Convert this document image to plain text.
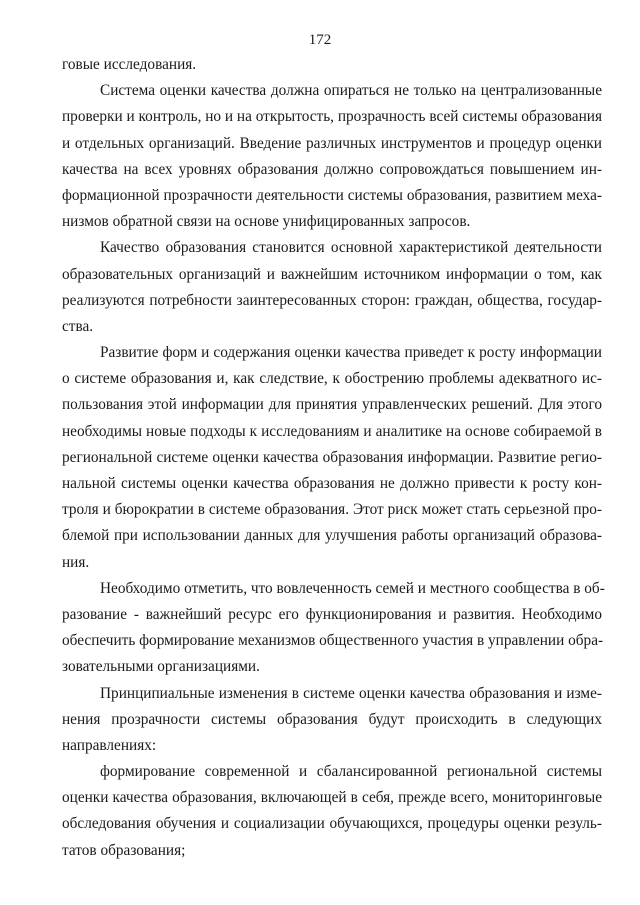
172
говые исследования.
Система оценки качества должна опираться не только на централизованные
проверки и контроль, но и на открытость, прозрачность всей системы образования
и отдельных организаций. Введение различных инструментов и процедур оценки
качества на всех уровнях образования должно сопровождаться повышением ин-
формационной прозрачности деятельности системы образования, развитием меха-
низмов обратной связи на основе унифицированных запросов.
Качество образования становится основной характеристикой деятельности
образовательных организаций и важнейшим источником информации о том, как
реализуются потребности заинтересованных сторон: граждан, общества, государ-
ства.
Развитие форм и содержания оценки качества приведет к росту информации
о системе образования и, как следствие, к обострению проблемы адекватного ис-
пользования этой информации для принятия управленческих решений. Для этого
необходимы новые подходы к исследованиям и аналитике на основе собираемой в
региональной системе оценки качества образования информации. Развитие регио-
нальной системы оценки качества образования не должно привести к росту кон-
троля и бюрократии в системе образования. Этот риск может стать серьезной про-
блемой при использовании данных для улучшения работы организаций образова-
ния.
Необходимо отметить, что вовлеченность семей и местного сообщества в об-
разование - важнейший ресурс его функционирования и развития. Необходимо
обеспечить формирование механизмов общественного участия в управлении обра-
зовательными организациями.
Принципиальные изменения в системе оценки качества образования и изме-
нения прозрачности системы образования будут происходить в следующих
направлениях:
формирование современной и сбалансированной региональной системы
оценки качества образования, включающей в себя, прежде всего, мониторинговые
обследования обучения и социализации обучающихся, процедуры оценки резуль-
татов образования;
